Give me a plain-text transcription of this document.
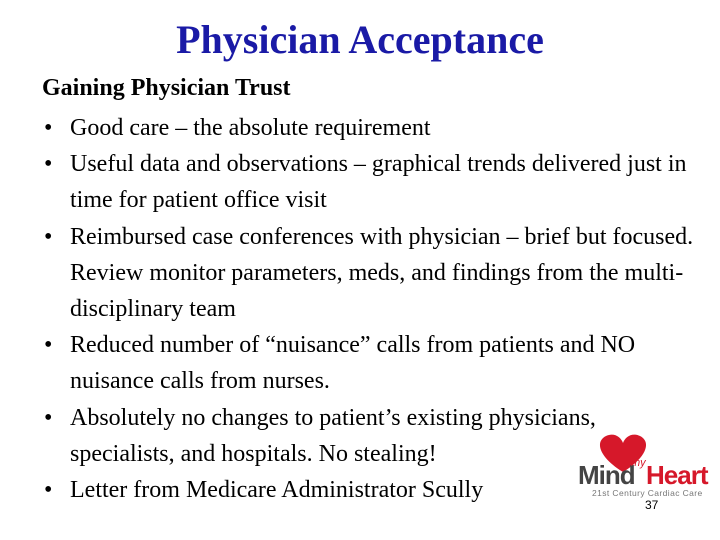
Physician Acceptance
Gaining Physician Trust
• Good care – the absolute requirement
• Useful data and observations – graphical trends delivered just in time for patient office visit
• Reimbursed case conferences with physician – brief but focused. Review monitor parameters, meds, and findings from the multi-disciplinary team
• Reduced number of “nuisance” calls from patients and NO nuisance calls from nurses.
• Absolutely no changes to patient’s existing physicians, specialists, and hospitals. No stealing!
• Letter from Medicare Administrator Scully
Mind
my Heart
21st Century Cardiac Care
37
